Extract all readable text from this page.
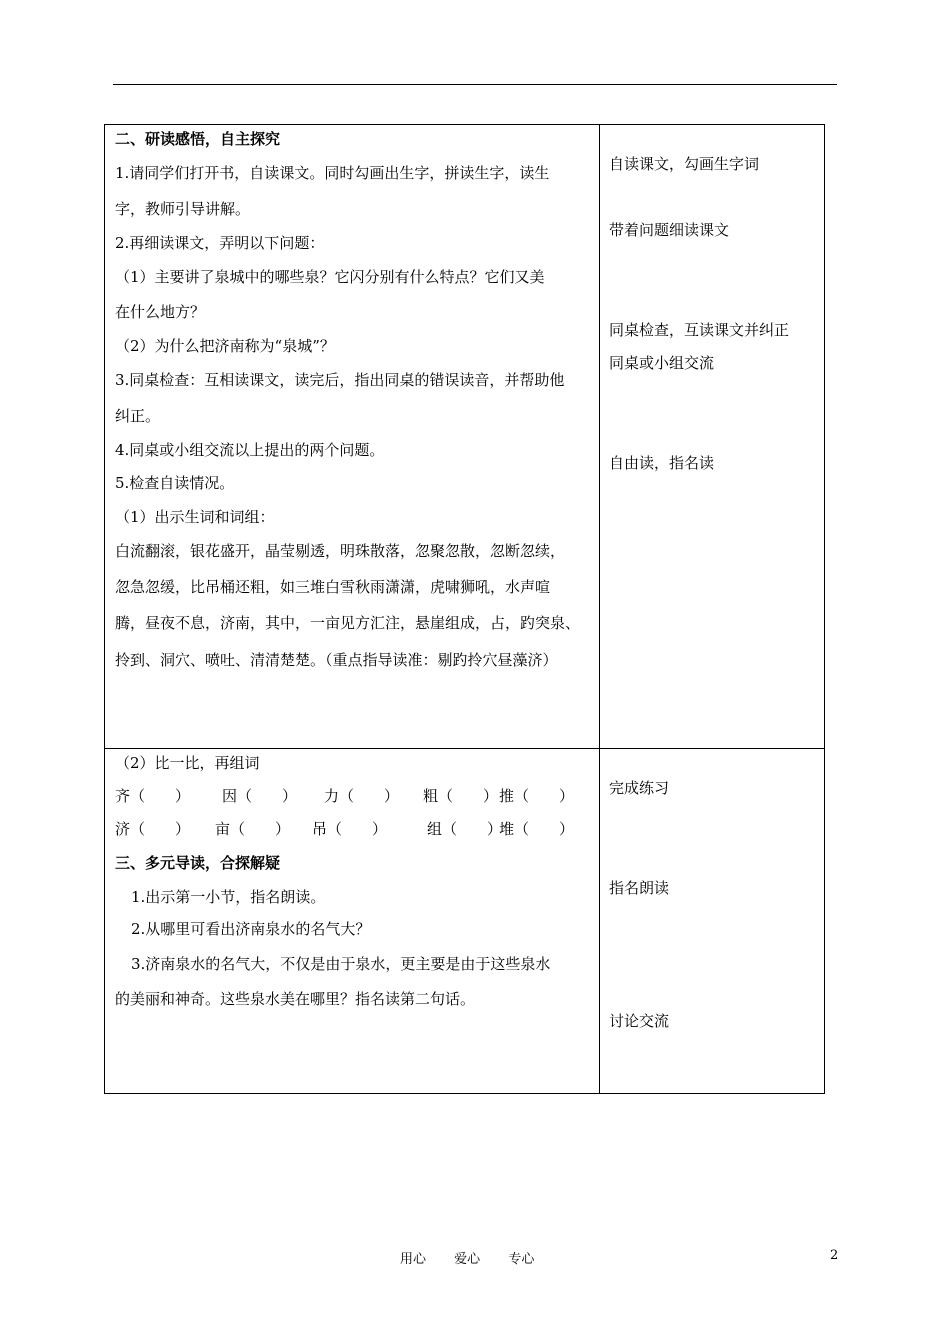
二、研读感悟，自主探究
1.请同学们打开书，自读课文。同时勾画出生字，拼读生字，读生
字，教师引导讲解。
2.再细读课文，弄明以下问题：
（1）主要讲了泉城中的哪些泉？它闪分别有什么特点？它们又美
在什么地方？
（2）为什么把济南称为“泉城”？
3.同桌检查：互相读课文，读完后，指出同桌的错误读音，并帮助他
纠正。
4.同桌或小组交流以上提出的两个问题。
5.检查自读情况。
（1）出示生词和词组：
白流翻滚，银花盛开，晶莹剔透，明珠散落，忽聚忽散，忽断忽续，
忽急忽缓，比吊桶还粗，如三堆白雪秋雨潇潇，虎啸狮吼，水声喧
腾，昼夜不息，济南，其中，一亩见方汇注，悬崖组成，占，趵突泉、
拎到、洞穴、喷吐、清清楚楚。（重点指导读准：剔趵拎穴昼藻济）
自读课文，勾画生字词
带着问题细读课文
同桌检查，互读课文并纠正
同桌或小组交流
自由读，指名读
（2）比一比，再组词
齐（　　） 因（　　） 力（　　） 粗（　　） 推（　　）
济（　　） 亩（　　） 吊（　　）	组（　　）
堆（　　）
三、多元导读，合探解疑
1.出示第一小节，指名朗读。
2.从哪里可看出济南泉水的名气大？
3.济南泉水的名气大，不仅是由于泉水，更主要是由于这些泉水
的美丽和神奇。这些泉水美在哪里？指名读第二句话。
完成练习
指名朗读
讨论交流
用心 爱心 专心	2
